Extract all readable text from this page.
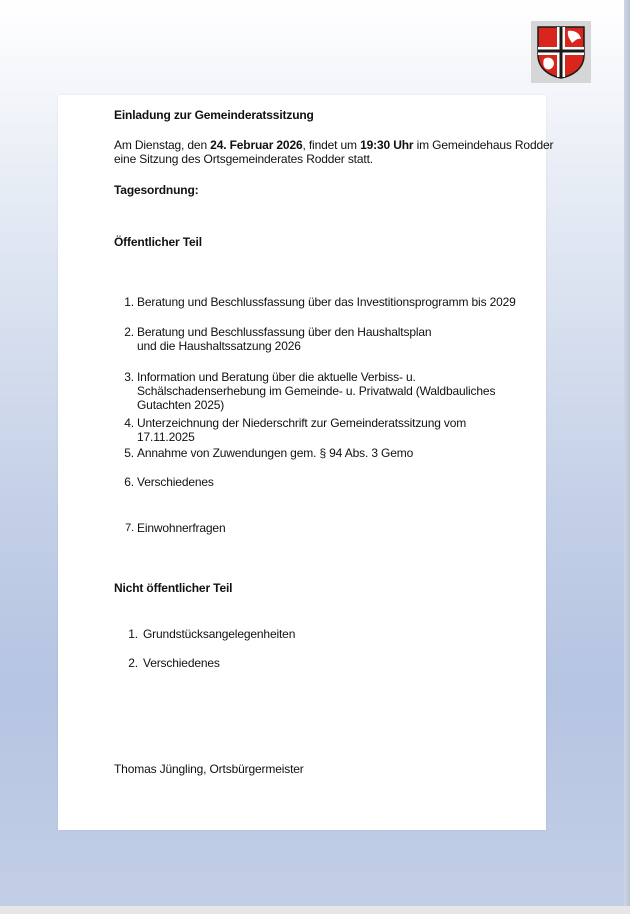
Einladung zur Gemeinderatssitzung
Am Dienstag, den 24. Februar 2026, findet um 19:30 Uhr im Gemeindehaus Rodder
eine Sitzung des Ortsgemeinderates Rodder statt.
Tagesordnung:
Öffentlicher Teil
1. Beratung und Beschlussfassung über das Investitionsprogramm bis 2029
2. Beratung und Beschlussfassung über den Haushaltsplan und die Haushaltssatzung 2026
3. Information und Beratung über die aktuelle Verbiss- u. Schälschadenserhebung im Gemeinde- u. Privatwald (Waldbauliches Gutachten 2025)
4. Unterzeichnung der Niederschrift zur Gemeinderatssitzung vom 17.11.2025
5. Annahme von Zuwendungen gem. § 94 Abs. 3 Gemo
6. Verschiedenes
7. Einwohnerfragen
Nicht öffentlicher Teil
1. Grundstücksangelegenheiten
2. Verschiedenes
Thomas Jüngling, Ortsbürgermeister
